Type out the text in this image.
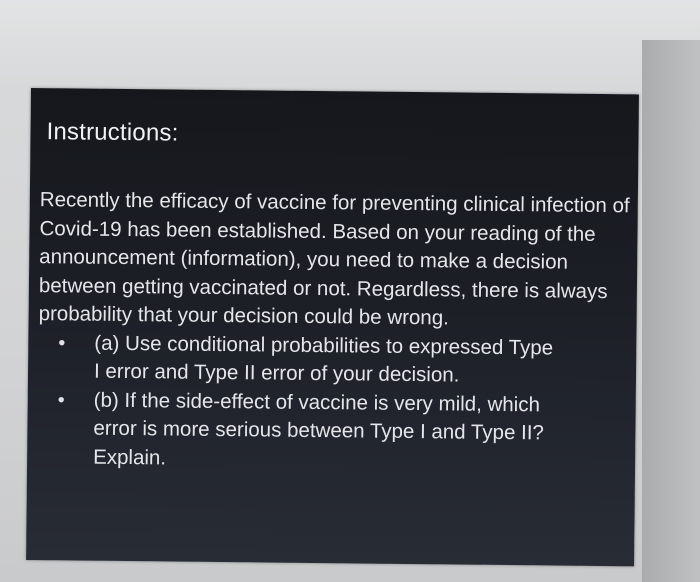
Instructions:

Recently the efficacy of vaccine for preventing clinical infection of Covid-19 has been established. Based on your reading of the announcement (information), you need to make a decision between getting vaccinated or not. Regardless, there is always probability that your decision could be wrong.

• (a) Use conditional probabilities to expressed Type I error and Type II error of your decision.
• (b) If the side-effect of vaccine is very mild, which error is more serious between Type I and Type II? Explain.
